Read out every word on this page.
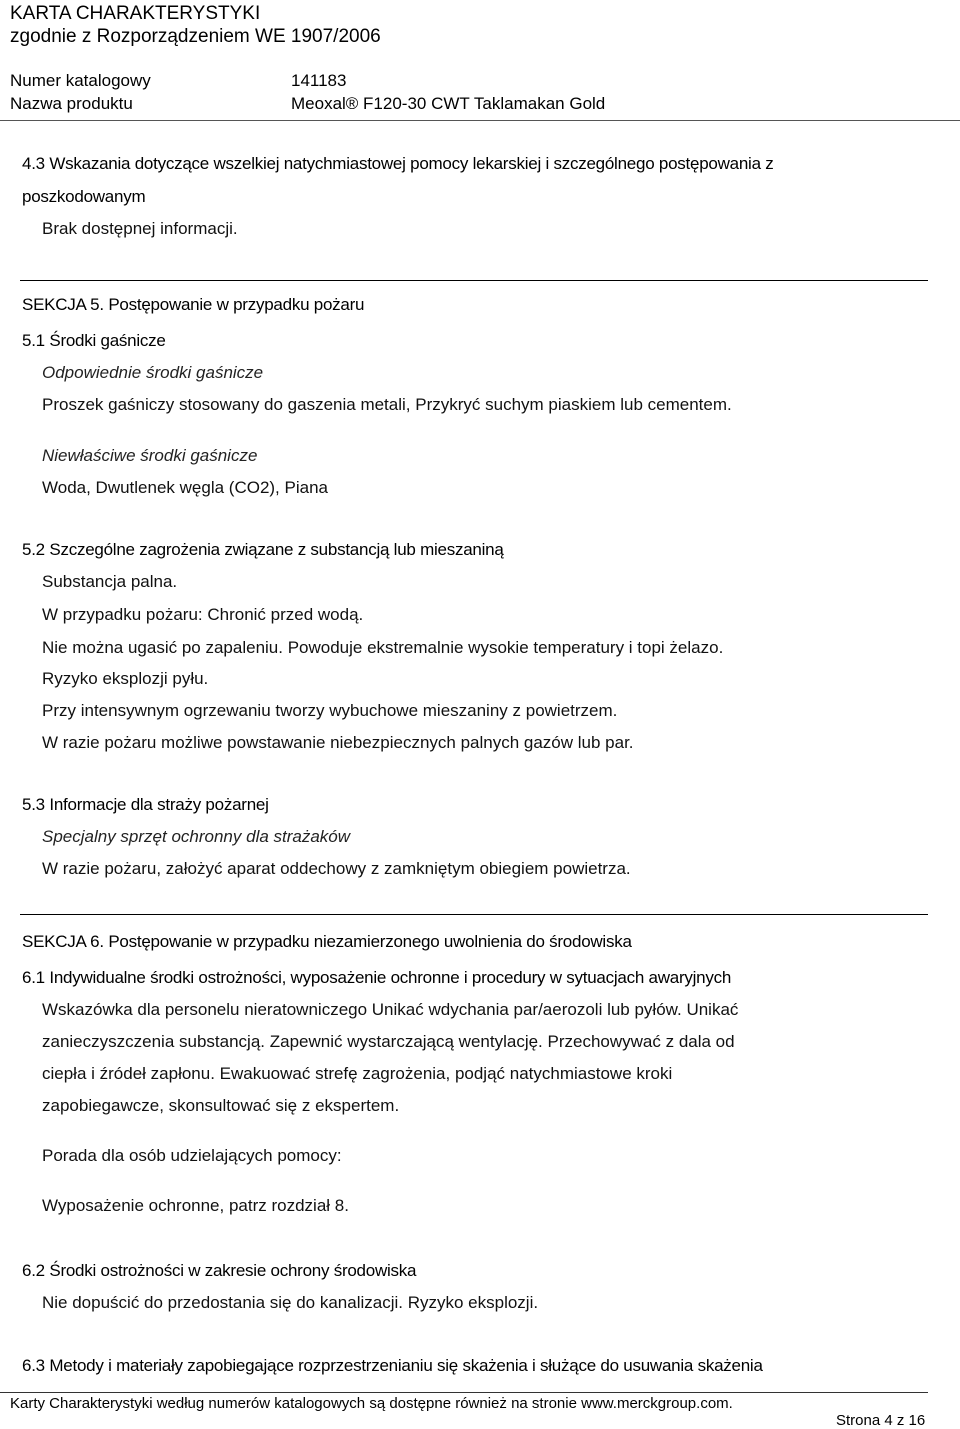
KARTA CHARAKTERYSTYKI
zgodnie z Rozporządzeniem WE 1907/2006
Numer katalogowy	141183
Nazwa produktu	Meoxal® F120-30 CWT Taklamakan Gold
4.3 Wskazania dotyczące wszelkiej natychmiastowej pomocy lekarskiej i szczególnego postępowania z
poszkodowanym
Brak dostępnej informacji.
SEKCJA 5. Postępowanie w przypadku pożaru
5.1 Środki gaśnicze
Odpowiednie środki gaśnicze
Proszek gaśniczy stosowany do gaszenia metali, Przykryć suchym piaskiem lub cementem.
Niewłaściwe środki gaśnicze
Woda, Dwutlenek węgla (CO2), Piana
5.2 Szczególne zagrożenia związane z substancją lub mieszaniną
Substancja palna.
W przypadku pożaru: Chronić przed wodą.
Nie można ugasić po zapaleniu. Powoduje ekstremalnie wysokie temperatury i topi żelazo.
Ryzyko eksplozji pyłu.
Przy intensywnym ogrzewaniu tworzy wybuchowe mieszaniny z powietrzem.
W razie pożaru możliwe powstawanie niebezpiecznych palnych gazów lub par.
5.3 Informacje dla straży pożarnej
Specjalny sprzęt ochronny dla strażaków
W razie pożaru, założyć aparat oddechowy z zamkniętym obiegiem powietrza.
SEKCJA 6. Postępowanie w przypadku niezamierzonego uwolnienia do środowiska
6.1 Indywidualne środki ostrożności, wyposażenie ochronne i procedury w sytuacjach awaryjnych
Wskazówka dla personelu nieratowniczego Unikać wdychania par/aerozoli lub pyłów. Unikać
zanieczyszczenia substancją. Zapewnić wystarczającą wentylację. Przechowywać z dala od
ciepła i źródeł zapłonu. Ewakuować strefę zagrożenia, podjąć natychmiastowe kroki
zapobiegawcze, skonsultować się z ekspertem.
Porada dla osób udzielających pomocy:
Wyposażenie ochronne, patrz rozdział 8.
6.2 Środki ostrożności w zakresie ochrony środowiska
Nie dopuścić do przedostania się do kanalizacji. Ryzyko eksplozji.
6.3 Metody i materiały zapobiegające rozprzestrzenianiu się skażenia i służące do usuwania skażenia
Karty Charakterystyki według numerów katalogowych są dostępne również na stronie www.merckgroup.com.
Strona 4 z 16
